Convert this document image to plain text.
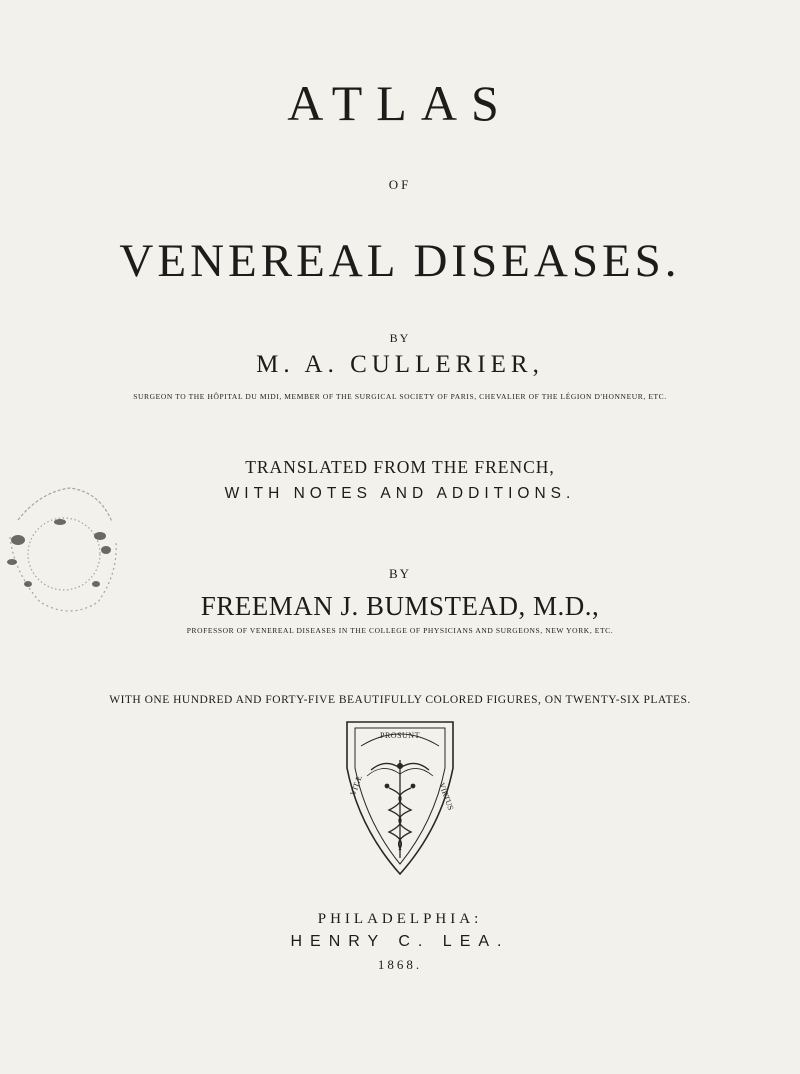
ATLAS
OF
VENEREAL DISEASES.
BY
M. A. CULLERIER,
SURGEON TO THE HÔPITAL DU MIDI, MEMBER OF THE SURGICAL SOCIETY OF PARIS, CHEVALIER OF THE LÉGION D'HONNEUR, ETC.
TRANSLATED FROM THE FRENCH,
WITH NOTES AND ADDITIONS.
BY
FREEMAN J. BUMSTEAD, M.D.,
PROFESSOR OF VENEREAL DISEASES IN THE COLLEGE OF PHYSICIANS AND SURGEONS, NEW YORK, ETC.
WITH ONE HUNDRED AND FORTY-FIVE BEAUTIFULLY COLORED FIGURES, ON TWENTY-SIX PLATES.
VITÆ	VIRTUS
PROSUNT
PHILADELPHIA:
HENRY C. LEA.
1868.
